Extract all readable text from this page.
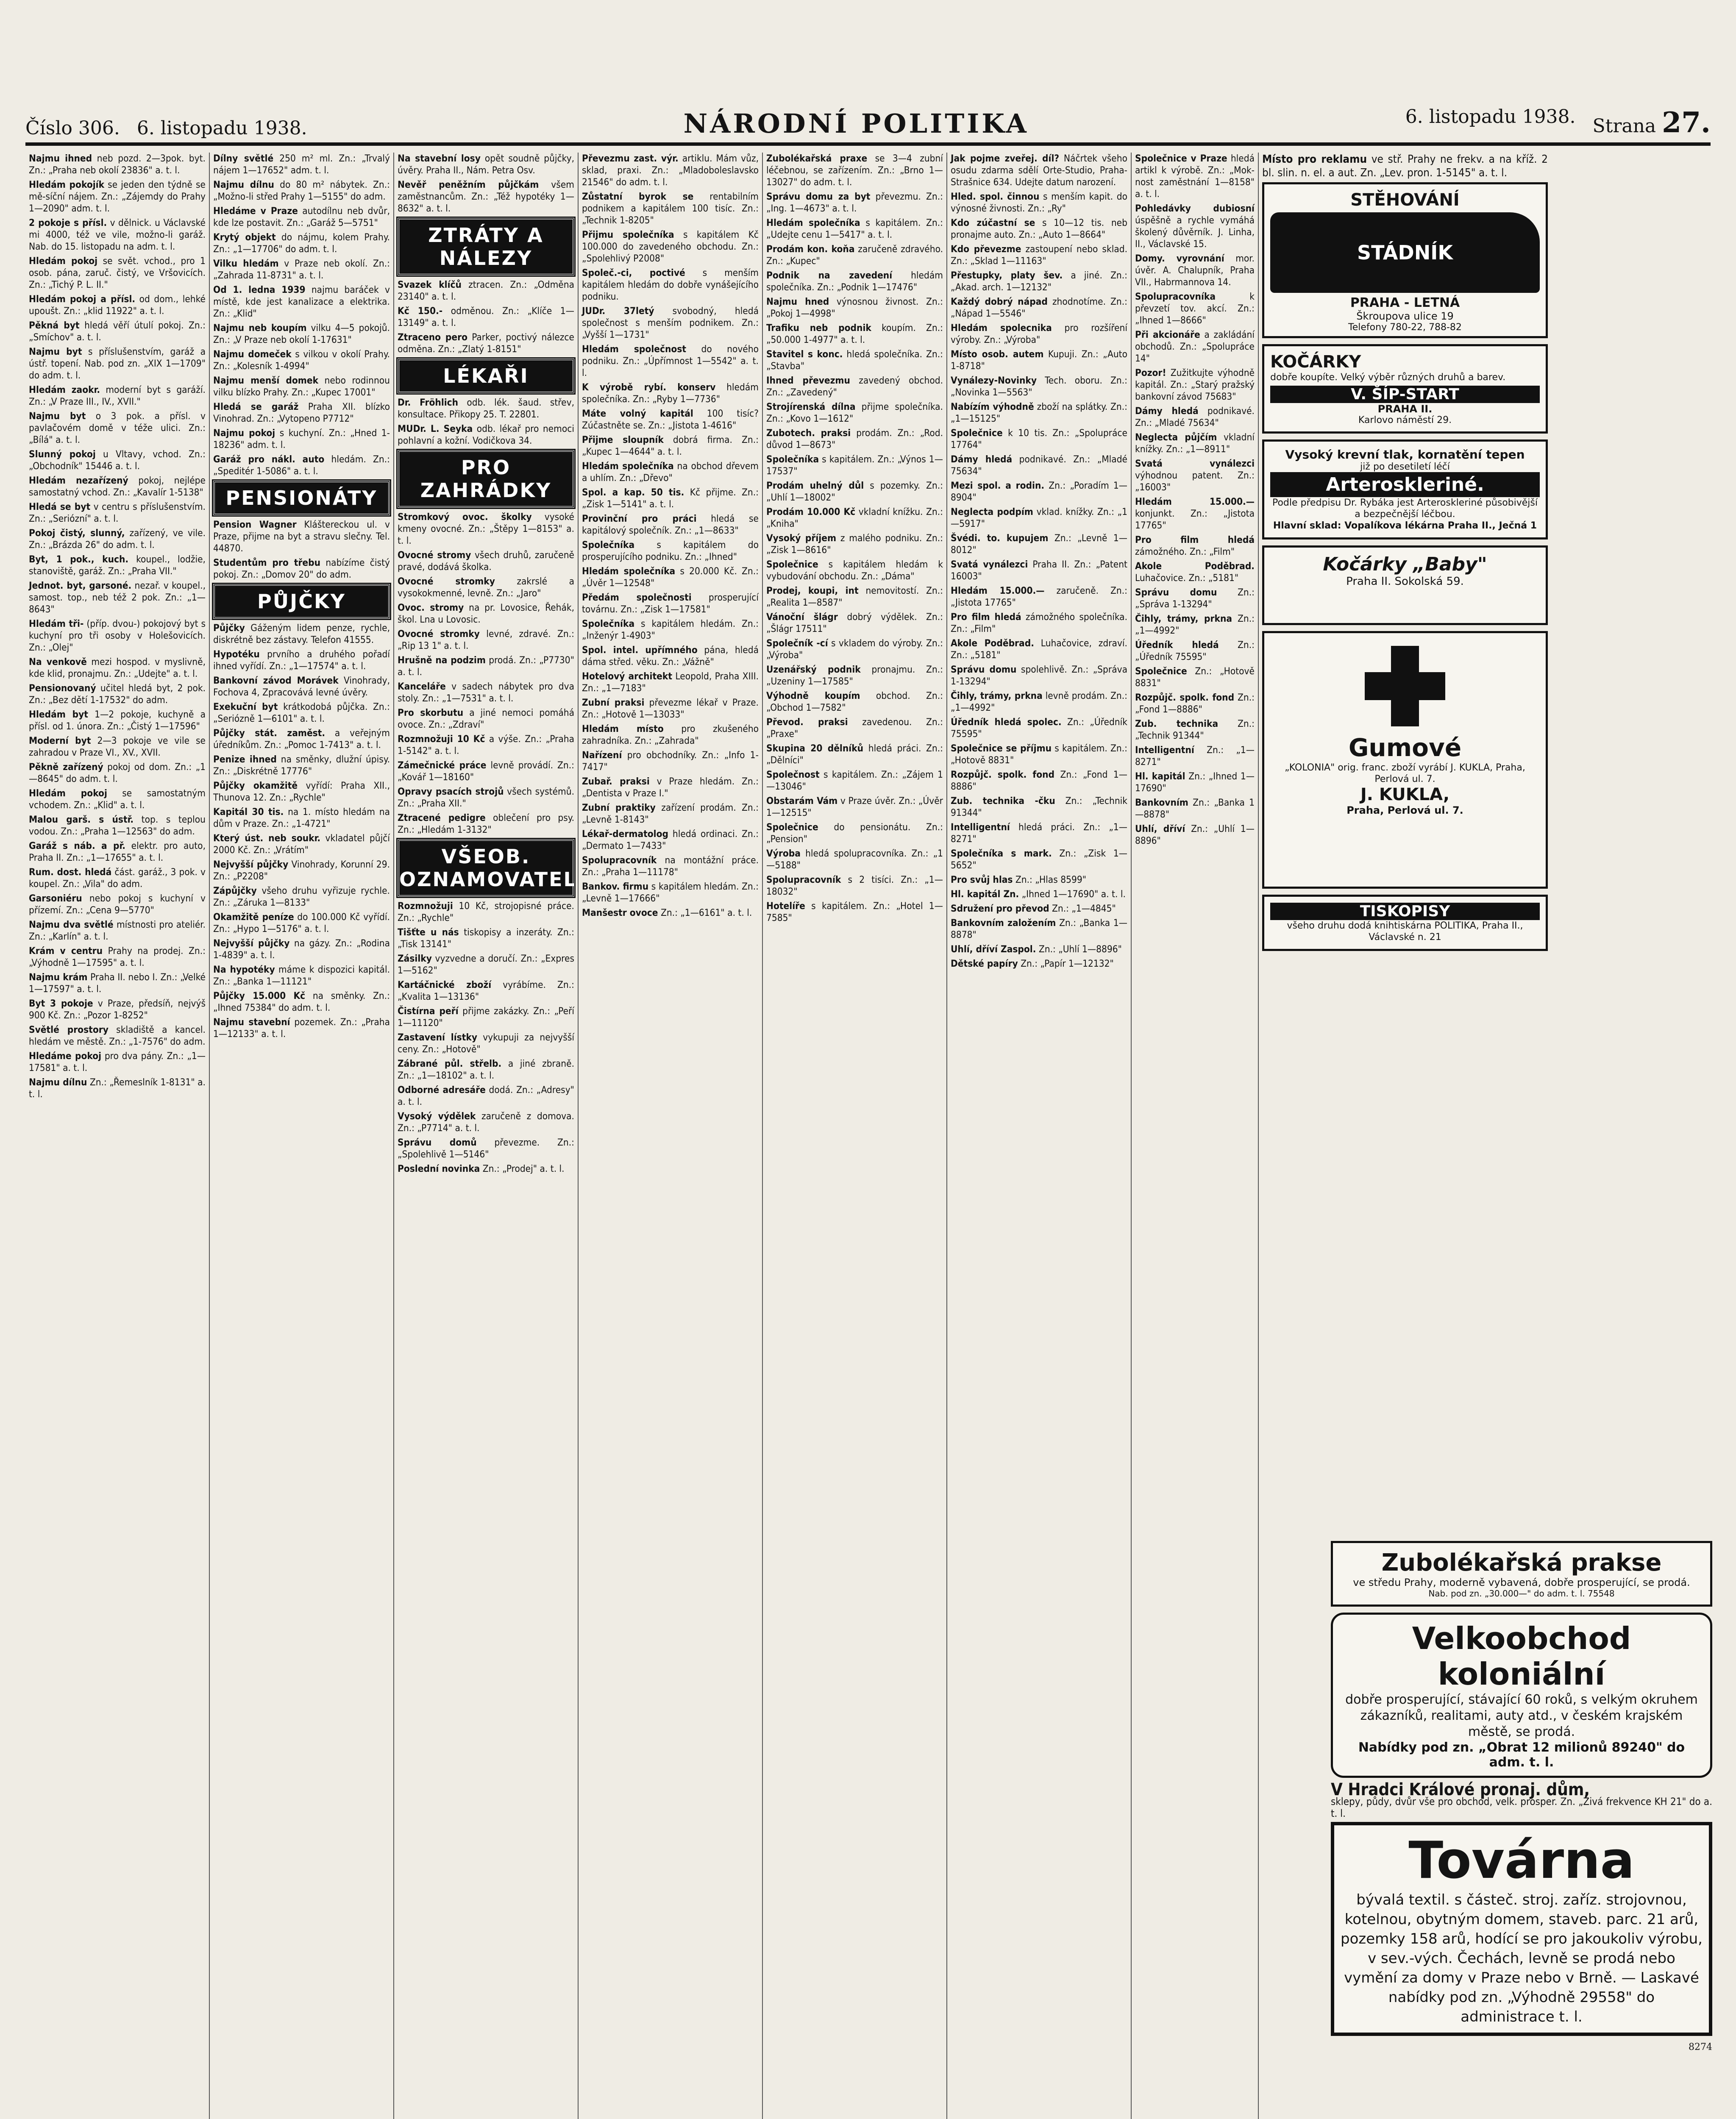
Číslo 306. 6. listopadu 1938.	NÁRODNÍ POLITIKA	6. listopadu 1938. Strana 27.
Najmu ihned neb pozd. 2—3pok. byt. Zn.: „Praha neb okolí 23836" a. t. l.
Hledám pokojík se jeden den týdně se mě-síční nájem. Zn.: „Zájemdy do Prahy 1—2090" adm. t. l.
2 pokoje s přísl. v dělnick. u Václavské mi 4000, též ve vile, možno-li garáž. Nab. do 15. listopadu na adm. t. l.
Hledám pokoj se svět. vchod., pro 1 osob. pána, zaruč. čistý, ve Vršovicích. Zn.: „Tichý P. L. II."
Hledám pokoj a přísl. od dom., lehké upoušt. Zn.: „klid 11922" a. t. l.
Pěkná byt hledá věří útulí pokoj. Zn.: „Smíchov" a. t. l.
Najmu byt s příslušenstvím, garáž a ústř. topení. Nab. pod zn. „XIX 1—1709" do adm. t. l.
Hledám zaokr. moderní byt s garáží. Zn.: „V Praze III., IV., XVII."
Najmu byt o 3 pok. a přísl. v pavlačovém domě v téže ulici. Zn.: „Bílá" a. t. l.
Slunný pokoj u Vltavy, vchod. Zn.: „Obchodník" 15446 a. t. l.
Hledám nezařízený pokoj, nejlépe samostatný vchod. Zn.: „Kavalír 1-5138"
Hledá se byt v centru s příslušenstvím. Zn.: „Seriózní" a. t. l.
Pokoj čistý, slunný, zařízený, ve vile. Zn.: „Brázda 26" do adm. t. l.
Byt, 1 pok., kuch. koupel., lodžie, stanoviště, garáž. Zn.: „Praha VII."
Jednot. byt, garsoné. nezař. v koupel., samost. top., neb též 2 pok. Zn.: „1—8643"
Hledám tři- (příp. dvou-) pokojový byt s kuchyní pro tři osoby v Holešovicích. Zn.: „Olej"
Na venkově mezi hospod. v myslivně, kde klid, pronajmu. Zn.: „Udejte" a. t. l.
Pensionovaný učitel hledá byt, 2 pok. Zn.: „Bez dětí 1-17532" do adm.
Hledám byt 1—2 pokoje, kuchyně a přísl. od 1. února. Zn.: „Čistý 1—17596"
Moderní byt 2—3 pokoje ve vile se zahradou v Praze VI., XV., XVII.
Pěkně zařízený pokoj od dom. Zn.: „1—8645" do adm. t. l.
Hledám pokoj se samostatným vchodem. Zn.: „Klid" a. t. l.
Malou garš. s ústř. top. s teplou vodou. Zn.: „Praha 1—12563" do adm.
Garáž s náb. a př. elektr. pro auto, Praha II. Zn.: „1—17655" a. t. l.
Rum. dost. hledá část. garáž., 3 pok. v koupel. Zn.: „Vila" do adm.
Garsoniéru nebo pokoj s kuchyní v přízemí. Zn.: „Cena 9—5770"
Najmu dva světlé místnosti pro ateliér. Zn.: „Karlín" a. t. l.
Krám v centru Prahy na prodej. Zn.: „Výhodně 1—17595" a. t. l.
Najmu krám Praha II. nebo I. Zn.: „Velké 1—17597" a. t. l.
Byt 3 pokoje v Praze, předsíň, nejvýš 900 Kč. Zn.: „Pozor 1-8252"
Světlé prostory skladiště a kancel. hledám ve městě. Zn.: „1-7576" do adm.
Hledáme pokoj pro dva pány. Zn.: „1—17581" a. t. l.
Najmu dílnu Zn.: „Řemeslník 1-8131" a. t. l.
Dílny světlé 250 m² ml. Zn.: „Trvalý nájem 1—17652" adm. t. l.
Najmu dílnu do 80 m² nábytek. Zn.: „Možno-li střed Prahy 1—5155" do adm.
Hledáme v Praze autodílnu neb dvůr, kde lze postavit. Zn.: „Garáž 5—5751"
Krytý objekt do nájmu, kolem Prahy. Zn.: „1—17706" do adm. t. l.
Vilku hledám v Praze neb okolí. Zn.: „Zahrada 11-8731" a. t. l.
Od 1. ledna 1939 najmu baráček v místě, kde jest kanalizace a elektrika. Zn.: „Klid"
Najmu neb koupím vilku 4—5 pokojů. Zn.: „V Praze neb okolí 1-17631"
Najmu domeček s vilkou v okolí Prahy. Zn.: „Kolesník 1-4994"
Najmu menší domek nebo rodinnou vilku blízko Prahy. Zn.: „Kupec 17001"
Hledá se garáž Praha XII. blízko Vinohrad. Zn.: „Vytopeno P7712"
Najmu pokoj s kuchyní. Zn.: „Hned 1-18236" adm. t. l.
Garáž pro nákl. auto hledám. Zn.: „Speditér 1-5086" a. t. l.
PENSIONÁTY
Pension Wagner Kláštereckou ul. v Praze, přijme na byt a stravu slečny. Tel. 44870.
Studentům pro třebu nabízíme čistý pokoj. Zn.: „Domov 20" do adm.
PŮJČKY
Půjčky Gáženým lidem penze, rychle, diskrétně bez zástavy. Telefon 41555.
Hypotéku prvního a druhého pořadí ihned vyřídí. Zn.: „1—17574" a. t. l.
Bankovní závod Morávek Vinohrady, Fochova 4, Zpracovává levné úvěry.
Exekuční byt krátkodobá půjčka. Zn.: „Seriózně 1—6101" a. t. l.
Půjčky stát. zaměst. a veřejným úředníkům. Zn.: „Pomoc 1-7413" a. t. l.
Penize ihned na směnky, dlužní úpisy. Zn.: „Diskrétně 17776"
Půjčky okamžitě vyřídí: Praha XII., Thunova 12. Zn.: „Rychle"
Kapitál 30 tis. na 1. místo hledám na dům v Praze. Zn.: „1-4721"
Který úst. neb soukr. vkladatel půjčí 2000 Kč. Zn.: „Vrátím"
Nejvyšší půjčky Vinohrady, Korunní 29. Zn.: „P2208"
Zápůjčky všeho druhu vyřizuje rychle. Zn.: „Záruka 1—8133"
Okamžitě peníze do 100.000 Kč vyřídí. Zn.: „Hypo 1—5176" a. t. l.
Nejvyšší půjčky na gázy. Zn.: „Rodina 1-4839" a. t. l.
Na hypotéky máme k dispozici kapitál. Zn.: „Banka 1—11121"
Půjčky 15.000 Kč na směnky. Zn.: „Ihned 75384" do adm. t. l.
Najmu stavební pozemek. Zn.: „Praha 1—12133" a. t. l.
Na stavební losy opět soudně půjčky, úvěry. Praha II., Nám. Petra Osv.
Nevěř peněžním půjčkám všem zaměstnancům. Zn.: „Též hypotéky 1—8632" a. t. l.
ZTRÁTY A NÁLEZY
Svazek klíčů ztracen. Zn.: „Odměna 23140" a. t. l.
Kč 150.- odměnou. Zn.: „Klíče 1—13149" a. t. l.
Ztraceno pero Parker, poctivý nálezce odměna. Zn.: „Zlatý 1-8151"
LÉKAŘI
Dr. Fröhlich odb. lék. šaud. střev, konsultace. Přikopy 25. T. 22801.
MUDr. L. Seyka odb. lékař pro nemoci pohlavní a kožní. Vodičkova 34.
PRO ZAHRÁDKY
Stromkový ovoc. školky vysoké kmeny ovocné. Zn.: „Štěpy 1—8153" a. t. l.
Ovocné stromy všech druhů, zaručeně pravé, dodává školka.
Ovocné stromky zakrslé a vysokokmenné, levně. Zn.: „Jaro"
Ovoc. stromy na pr. Lovosice, Řehák, škol. Lna u Lovosic.
Ovocné stromky levné, zdravé. Zn.: „Rip 13 1" a. t. l.
Hrušně na podzim prodá. Zn.: „P7730" a. t. l.
Kanceláře v sadech nábytek pro dva stoly. Zn.: „1—7531" a. t. l.
Pro skorbutu a jiné nemoci pomáhá ovoce. Zn.: „Zdraví"
Rozmnožuji 10 Kč a výše. Zn.: „Praha 1-5142" a. t. l.
Zámečnické práce levně provádí. Zn.: „Kovář 1—18160"
Opravy psacích strojů všech systémů. Zn.: „Praha XII."
Ztracené pedigre oblečení pro psy. Zn.: „Hledám 1-3132"
VŠEOB. OZNAMOVATEL
Rozmnožuji 10 Kč, strojopisné práce. Zn.: „Rychle"
Tišťte u nás tiskopisy a inzeráty. Zn.: „Tisk 13141"
Zásilky vyzvedne a doručí. Zn.: „Expres 1—5162"
Kartáčnické zboží vyrábíme. Zn.: „Kvalita 1—13136"
Čistírna peří přijme zakázky. Zn.: „Peří 1—11120"
Zastavení lístky vykupuji za nejvyšší ceny. Zn.: „Hotově"
Zábrané půl. střelb. a jiné zbraně. Zn.: „1—18102" a. t. l.
Odborné adresáře dodá. Zn.: „Adresy" a. t. l.
Vysoký výdělek zaručeně z domova. Zn.: „P7714" a. t. l.
Správu domů převezme. Zn.: „Spolehlivě 1—5146"
Poslední novinka Zn.: „Prodej" a. t. l.
Převezmu zast. výr. artiklu. Mám vůz, sklad, praxi. Zn.: „Mladoboleslavsko 21546" do adm. t. l.
Zůstatní byrok se rentabilním podnikem a kapitálem 100 tisíc. Zn.: „Technik 1-8205"
Přijmu společníka s kapitálem Kč 100.000 do zavedeného obchodu. Zn.: „Spolehlivý P2008"
Společ.-ci, poctivé s menším kapitálem hledám do dobře vynášejícího podniku.
JUDr. 37letý svobodný, hledá společnost s menším podnikem. Zn.: „Vyšší 1—1731"
Hledám společnost do nového podniku. Zn.: „Úpřímnost 1—5542" a. t. l.
K výrobě rybí. konserv hledám společníka. Zn.: „Ryby 1—7736"
Máte volný kapitál 100 tisíc? Zúčastněte se. Zn.: „Jistota 1-4616"
Přijme sloupník dobrá firma. Zn.: „Kupec 1—4644" a. t. l.
Hledám společníka na obchod dřevem a uhlím. Zn.: „Dřevo"
Spol. a kap. 50 tis. Kč přijme. Zn.: „Zisk 1—5141" a. t. l.
Provinční pro práci hledá se kapitálový společník. Zn.: „1—8633"
Společníka s kapitálem do prosperujícího podniku. Zn.: „Ihned"
Hledám společníka s 20.000 Kč. Zn.: „Úvěr 1—12548"
Předám společnosti prosperující továrnu. Zn.: „Zisk 1—17581"
Společníka s kapitálem hledám. Zn.: „Inženýr 1-4903"
Spol. intel. upřímného pána, hledá dáma střed. věku. Zn.: „Vážně"
Hotelový architekt Leopold, Praha XIII. Zn.: „1—7183"
Zubní praksi převezme lékař v Praze. Zn.: „Hotově 1—13033"
Hledám místo pro zkušeného zahradníka. Zn.: „Zahrada"
Nařízení pro obchodníky. Zn.: „Info 1-7417"
Zubař. praksi v Praze hledám. Zn.: „Dentista v Praze I."
Zubní praktiky zařízení prodám. Zn.: „Levně 1-8143"
Lékař-dermatolog hledá ordinaci. Zn.: „Dermato 1—7433"
Spolupracovník na montážní práce. Zn.: „Praha 1—11178"
Bankov. firmu s kapitálem hledám. Zn.: „Levně 1—17666"
Manšestr ovoce Zn.: „1—6161" a. t. l.
Zubolékařská praxe se 3—4 zubní léčebnou, se zařízením. Zn.: „Brno 1—13027" do adm. t. l.
Správu domu za byt převezmu. Zn.: „Ing. 1—4673" a. t. l.
Hledám společníka s kapitálem. Zn.: „Udejte cenu 1—5417" a. t. l.
Prodám kon. koňa zaručeně zdravého. Zn.: „Kupec"
Podnik na zavedení hledám společníka. Zn.: „Podnik 1—17476"
Najmu hned výnosnou živnost. Zn.: „Pokoj 1—4998"
Trafiku neb podnik koupím. Zn.: „50.000 1-4977" a. t. l.
Stavitel s konc. hledá společníka. Zn.: „Stavba"
Ihned převezmu zavedený obchod. Zn.: „Zavedený"
Strojírenská dílna přijme společníka. Zn.: „Kovo 1—1612"
Zubotech. praksi prodám. Zn.: „Rod. důvod 1—8673"
Společníka s kapitálem. Zn.: „Výnos 1—17537"
Prodám uhelný důl s pozemky. Zn.: „Uhlí 1—18002"
Prodám 10.000 Kč vkladní knížku. Zn.: „Kniha"
Vysoký příjem z malého podniku. Zn.: „Zisk 1—8616"
Společnice s kapitálem hledám k vybudování obchodu. Zn.: „Dáma"
Prodej, koupi, int nemovitostí. Zn.: „Realita 1—8587"
Vánoční šlágr dobrý výdělek. Zn.: „Šlágr 17511"
Společník -cí s vkladem do výroby. Zn.: „Výroba"
Uzenářský podnik pronajmu. Zn.: „Uzeniny 1—17585"
Výhodně koupím obchod. Zn.: „Obchod 1—7582"
Převod. praksi zavedenou. Zn.: „Praxe"
Skupina 20 dělníků hledá práci. Zn.: „Dělníci"
Společnost s kapitálem. Zn.: „Zájem 1—13046"
Obstarám Vám v Praze úvěr. Zn.: „Úvěr 1—12515"
Společnice do pensionátu. Zn.: „Pension"
Výroba hledá spolupracovníka. Zn.: „1—5188"
Spolupracovník s 2 tisíci. Zn.: „1—18032"
Hotelíře s kapitálem. Zn.: „Hotel 1—7585"
Jak pojme zveřej. díl? Náčrtek všeho osudu zdarma sdělí Orte-Studio, Praha-Strašnice 634. Udejte datum narození.
Hled. spol. činnou s menším kapit. do výnosné živnosti. Zn.: „Ry"
Kdo zúčastní se s 10—12 tis. neb pronajme auto. Zn.: „Auto 1—8664"
Kdo převezme zastoupení nebo sklad. Zn.: „Sklad 1—11163"
Přestupky, platy šev. a jiné. Zn.: „Akad. arch. 1—12132"
Každý dobrý nápad zhodnotíme. Zn.: „Nápad 1—5546"
Hledám spolecnika pro rozšíření výroby. Zn.: „Výroba"
Místo osob. autem Kupuji. Zn.: „Auto 1-8718"
Vynálezy-Novinky Tech. oboru. Zn.: „Novinka 1—5563"
Nabízím výhodně zboží na splátky. Zn.: „1—15125"
Společnice k 10 tis. Zn.: „Spolupráce 17764"
Dámy hledá podnikavé. Zn.: „Mladé 75634"
Mezi spol. a rodin. Zn.: „Poradím 1—8904"
Neglecta podpím vklad. knížky. Zn.: „1—5917"
Švédi. to. kupujem Zn.: „Levně 1—8012"
Svatá vynálezci Praha II. Zn.: „Patent 16003"
Hledám 15.000.— zaručeně. Zn.: „Jistota 17765"
Pro film hledá zámožného společníka. Zn.: „Film"
Akole Poděbrad. Luhačovice, zdraví. Zn.: „5181"
Správu domu spolehlivě. Zn.: „Správa 1-13294"
Čihly, trámy, prkna levně prodám. Zn.: „1—4992"
Úředník hledá spolec. Zn.: „Úředník 75595"
Společnice se příjmu s kapitálem. Zn.: „Hotově 8831"
Rozpůjč. spolk. fond Zn.: „Fond 1—8886"
Zub. technika -čku Zn.: „Technik 91344"
Intelligentní hledá práci. Zn.: „1—8271"
Společníka s mark. Zn.: „Zisk 1—5652"
Pro svůj hlas Zn.: „Hlas 8599"
Hl. kapitál Zn. „Ihned 1—17690" a. t. l.
Sdružení pro převod Zn.: „1—4845"
Bankovním založením Zn.: „Banka 1—8878"
Uhlí, dříví Zaspol. Zn.: „Uhlí 1—8896"
Dětské papíry Zn.: „Papír 1—12132"
Společnice v Praze hledá artikl k výrobě. Zn.: „Mok-nost zaměstnání 1—8158" a. t. l.
Pohledávky dubiosní úspěšně a rychle vymáhá školený důvěrník. J. Linha, II., Václavské 15.
Domy. vyrovnání mor. úvěr. A. Chalupník, Praha VII., Habrmannova 14.
Spolupracovníka	k převzetí tov. akcí. Zn.: „Ihned 1—8666"
Při akcionáře a zakládání obchodů. Zn.: „Spolupráce 14"
Pozor! Zužitkujte výhodně kapitál. Zn.: „Starý pražský bankovní závod 75683"
Dámy hledá podnikavé. Zn.: „Mladé 75634"
Neglecta půjčím vkladní knížky. Zn.: „1—8911"
Svatá vynálezci výhodnou patent. Zn.: „16003"
Hledám 15.000.— konjunkt. Zn.: „Jistota 17765"
Pro film hledá zámožného. Zn.: „Film"
Akole Poděbrad. Luhačovice. Zn.: „5181"
Správu domu Zn.: „Správa 1-13294"
Čihly, trámy, prkna Zn.: „1—4992"
Úředník hledá Zn.: „Úředník 75595"
Společnice Zn.: „Hotově 8831"
Rozpůjč. spolk. fond Zn.: „Fond 1—8886"
Zub. technika Zn.: „Technik 91344"
Intelligentní Zn.: „1—8271"
Hl. kapitál Zn.: „Ihned 1—17690"
Bankovním Zn.: „Banka 1—8878"
Uhlí, dříví Zn.: „Uhlí 1—8896"
Místo pro reklamu ve stř. Prahy ne frekv. a na kříž. 2 bl. slin. n. el. a aut. Zn. „Lev. pron. 1-5145" a. t. l.
STĚHOVÁNÍ
STÁDNÍK
PRAHA - LETNÁ
Škroupova ulice 19
Telefony 780-22, 788-82
KOČÁRKY
dobře koupíte. Velký výběr různých druhů a barev.
V. ŠÍP-START
PRAHA II.
Karlovo náměstí 29.
Vysoký krevní tlak, kornatění tepen
již po desetiletí léčí
Arteroskleriné.
Podle předpisu Dr. Rybáka jest Arteroskleriné působivější a bezpečnější léčbou.
Hlavní sklad: Vopalíkova lékárna Praha II., Ječná 1
Kočárky „Baby"
Praha II. Sokolská 59.
Gumové
„KOLONIA" orig. franc. zboží vyrábí J. KUKLA, Praha, Perlová ul. 7.
J. KUKLA,
Praha, Perlová ul. 7.
TISKOPISY
všeho druhu dodá knihtiskárna POLITIKA, Praha II., Václavské n. 21
Zubolékařská prakse
ve středu Prahy, moderně vybavená, dobře prosperující, se prodá.
Nab. pod zn. „30.000—" do adm. t. l. 75548
Velkoobchod
koloniální
dobře prosperující, stávající 60 roků, s velkým okruhem zákazníků, realitami, auty atd., v českém krajském městě, se prodá.
Nabídky pod zn. „Obrat 12 milionů 89240" do adm. t. l.
V Hradci Králové pronaj. dům,
sklepy, půdy, dvůr vše pro obchod, velk. prosper. Zn. „Živá frekvence KH 21" do a. t. l.
Továrna
bývalá textil. s částeč. stroj. zaříz. strojovnou, kotelnou, obytným domem, staveb. parc. 21 arů, pozemky 158 arů, hodící se pro jakoukoliv výrobu, v sev.-vých. Čechách, levně se prodá nebo vymění za domy v Praze nebo v Brně. — Laskavé nabídky pod zn. „Výhodně 29558" do administrace t. l.
8274
